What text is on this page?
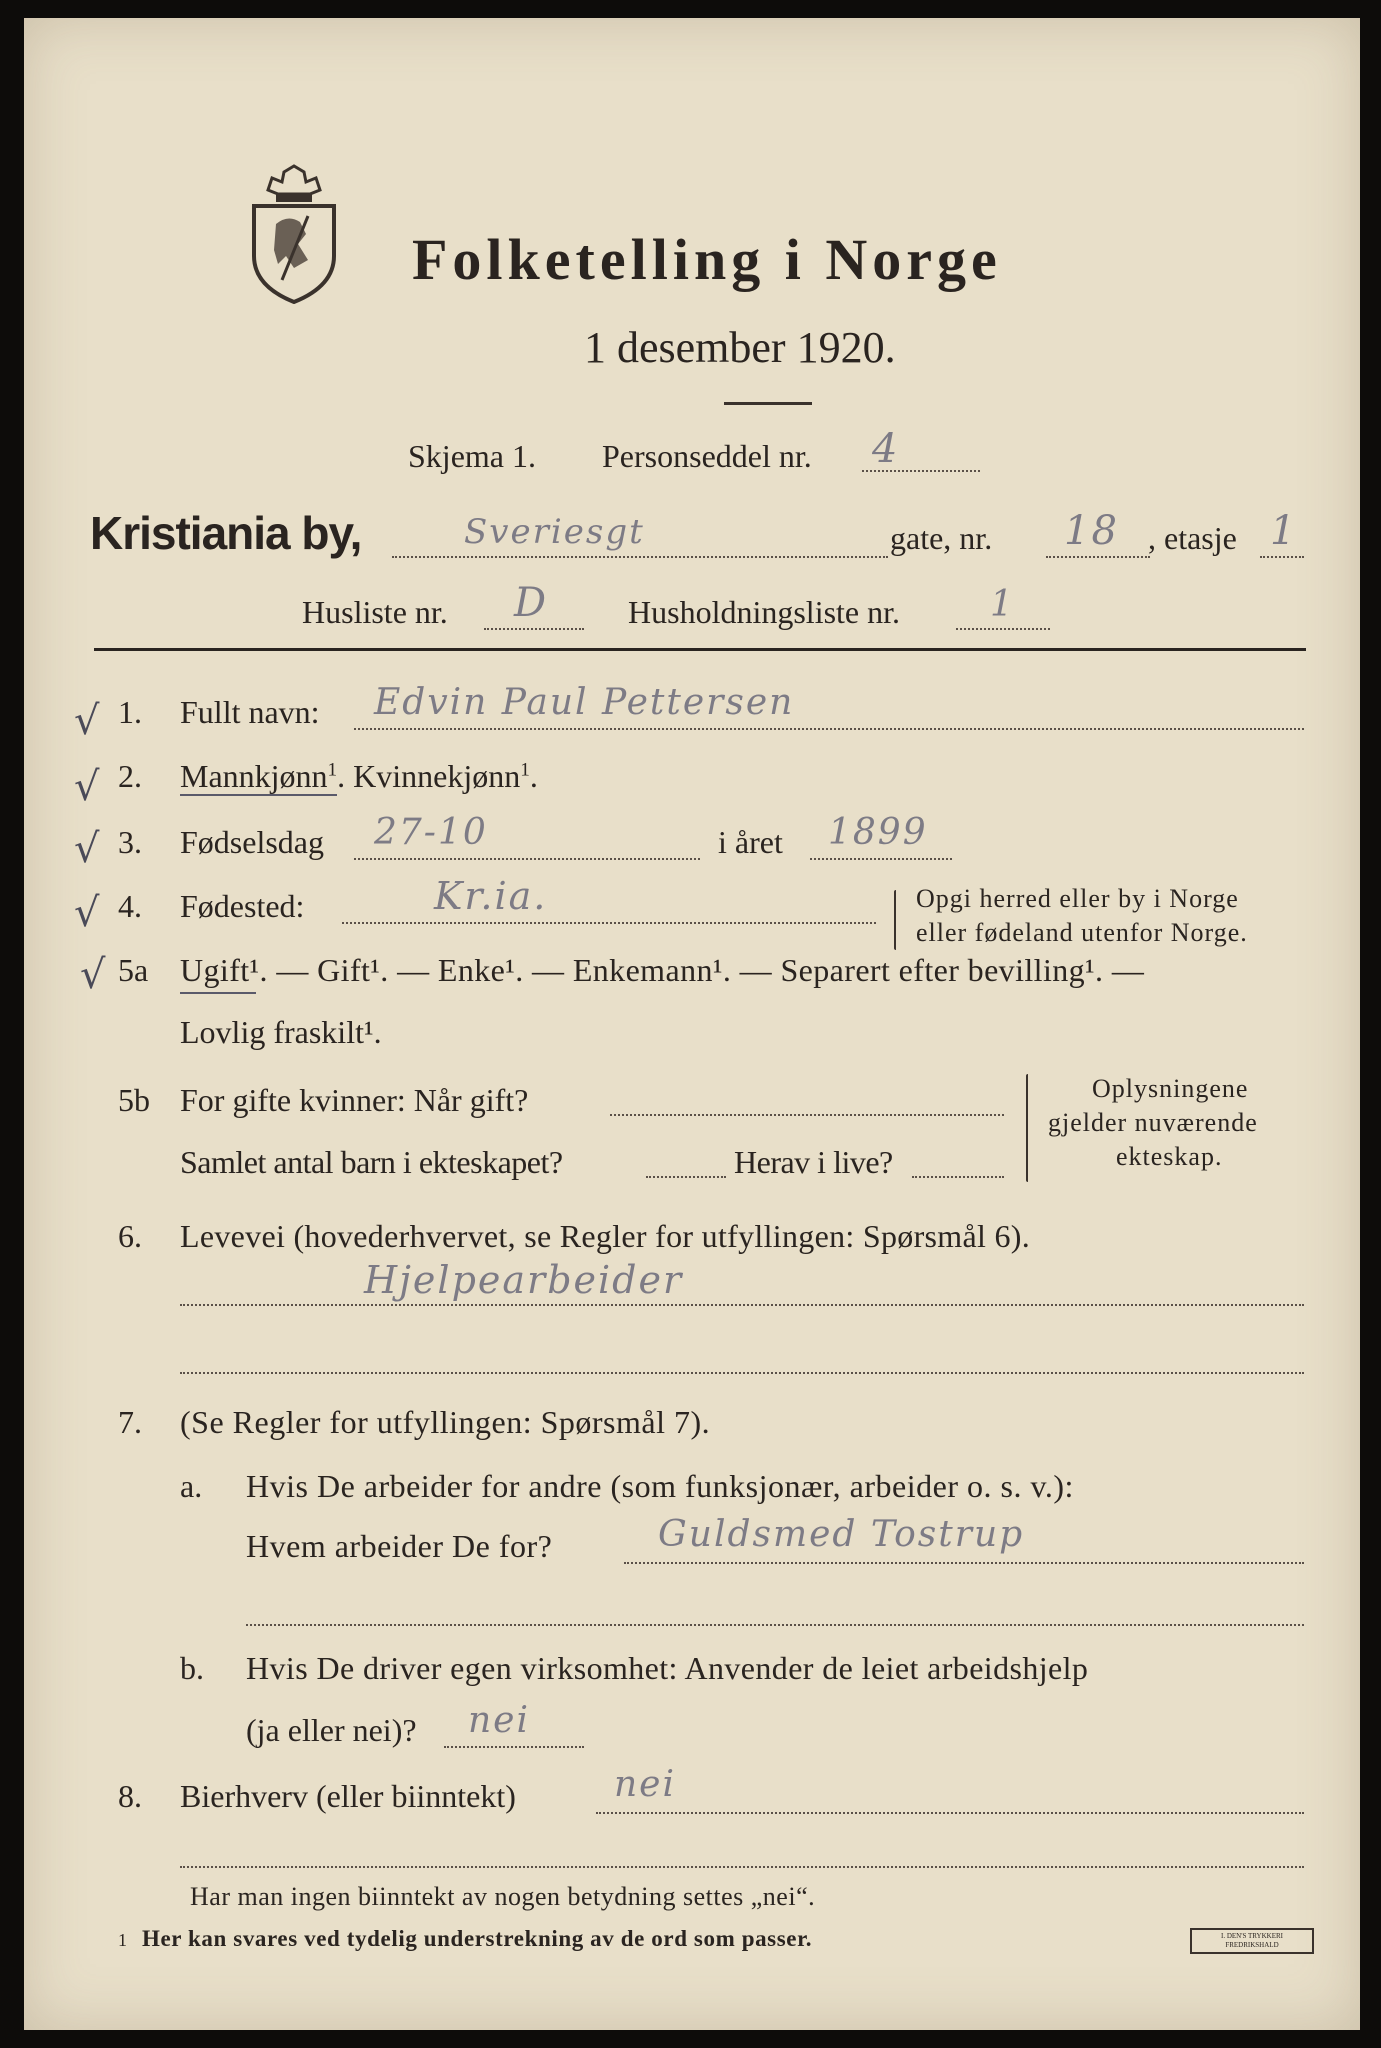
Folketelling i Norge
1 desember 1920.
Skjema 1. Personseddel nr. 4
Kristiania by,	Sveriesgt	gate, nr. 18 , etasje 1
Husliste nr. D Husholdningsliste nr. 1
√
√
√
√
√
1. Fullt navn: Edvin Paul Pettersen
2. Mannkjønn$^1$. Kvinnekjønn$^1$.
3. Fødselsdag 27-10	i året 1899
4. Fødested:	Kr.ia.	Opgi herred eller by i Norge
eller fødeland utenfor Norge.
5a Ugift¹. — Gift¹. — Enke¹. — Enkemann¹. — Separert efter bevilling¹. —
Lovlig fraskilt¹.
5b For gifte kvinner: Når gift?
Samlet antal barn i ekteskapet?	Herav i live?
Oplysningene
gjelder nuværende
ekteskap.
6. Levevei (hovederhvervet, se Regler for utfyllingen: Spørsmål 6).
Hjelpearbeider
7. (Se Regler for utfyllingen: Spørsmål 7).
a. Hvis De arbeider for andre (som funksjonær, arbeider o. s. v.):
Hvem arbeider De for?	Guldsmed Tostrup
b. Hvis De driver egen virksomhet: Anvender de leiet arbeidshjelp
(ja eller nei)? nei
8. Bierhverv (eller biinntekt)	nei
Har man ingen biinntekt av nogen betydning settes „nei“.
1 Her kan svares ved tydelig understrekning av de ord som passer.	I. DEN'S TRYKKERI FREDRIKSHALD
